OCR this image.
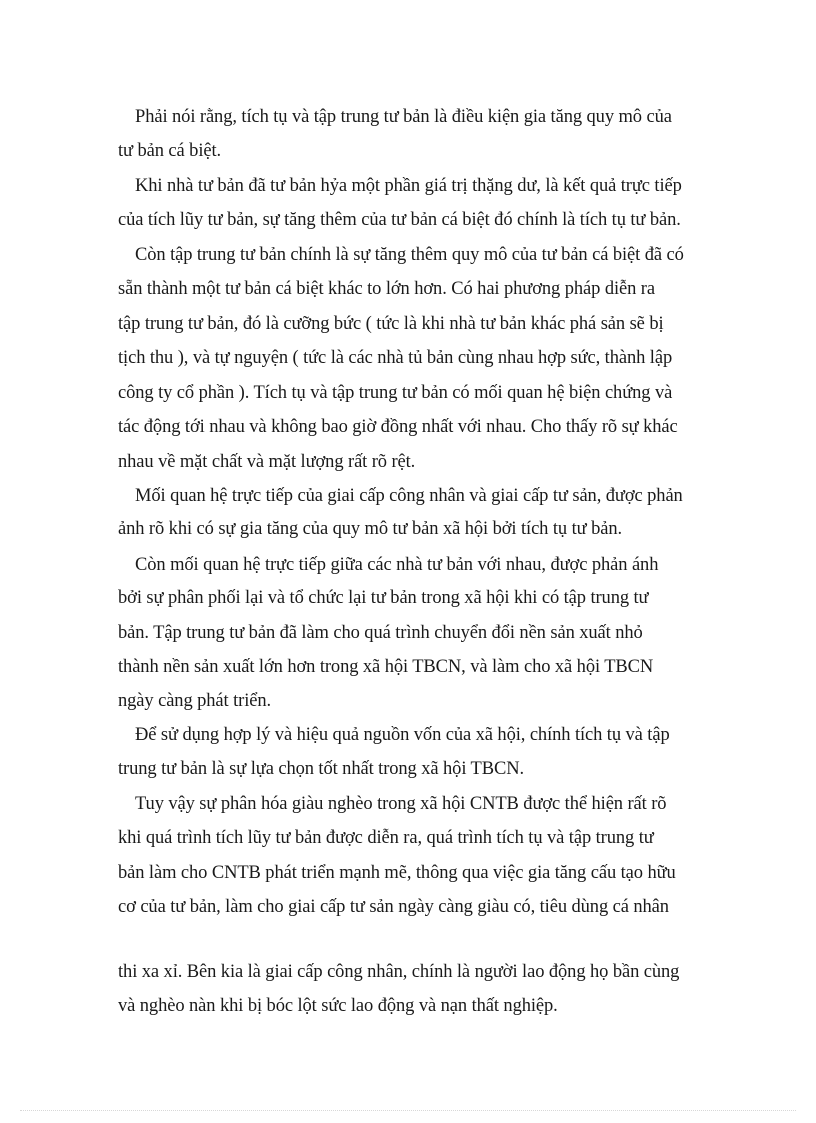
Phải nói rằng, tích tụ và tập trung tư bản là điều kiện gia tăng quy mô của
tư bản cá biệt.
Khi nhà tư bản đã tư bản hỷa một phần giá trị thặng dư, là kết quả trực tiếp
của tích lũy tư bản, sự tăng thêm của tư bản cá biệt đó chính là tích tụ tư bản.
Còn tập trung tư bản chính là sự tăng thêm quy mô của tư bản cá biệt đã có
sẵn thành một tư bản cá biệt khác to lớn hơn. Có hai phương pháp diễn ra
tập trung tư bản, đó là cưỡng bức ( tức là khi nhà tư bản khác phá sản sẽ bị
tịch thu ), và tự nguyện ( tức là các nhà tủ bản cùng nhau hợp sức, thành lập
công ty cổ phần ). Tích tụ và tập trung tư bản có mối quan hệ biện chứng và
tác động tới nhau và không bao giờ đồng nhất với nhau. Cho thấy rõ sự khác
nhau về mặt chất và mặt lượng rất rõ rệt.
Mối quan hệ trực tiếp của giai cấp công nhân và giai cấp tư sản, được phản
ảnh rõ khi có sự gia tăng của quy mô tư bản xã hội bởi tích tụ tư bản.
Còn mối quan hệ trực tiếp giữa các nhà tư bản với nhau, được phản ánh
bởi sự phân phối lại và tổ chức lại tư bản trong xã hội khi có tập trung tư
bản. Tập trung tư bản đã làm cho quá trình chuyển đổi nền sản xuất nhỏ
thành nền sản xuất lớn hơn trong xã hội TBCN, và làm cho xã hội TBCN
ngày càng phát triển.
Để sử dụng hợp lý và hiệu quả nguồn vốn của xã hội, chính tích tụ và tập
trung tư bản là sự lựa chọn tốt nhất trong xã hội TBCN.
Tuy vậy sự phân hóa giàu nghèo trong xã hội CNTB được thể hiện rất rõ
khi quá trình tích lũy tư bản được diễn ra, quá trình tích tụ và tập trung tư
bản làm cho CNTB phát triển mạnh mẽ, thông qua việc gia tăng cấu tạo hữu
cơ của tư bản, làm cho giai cấp tư sản ngày càng giàu có, tiêu dùng cá nhân
thi xa xỉ. Bên kia là giai cấp công nhân, chính là người lao động họ bần cùng
và nghèo nàn khi bị bóc lột sức lao động và nạn thất nghiệp.
